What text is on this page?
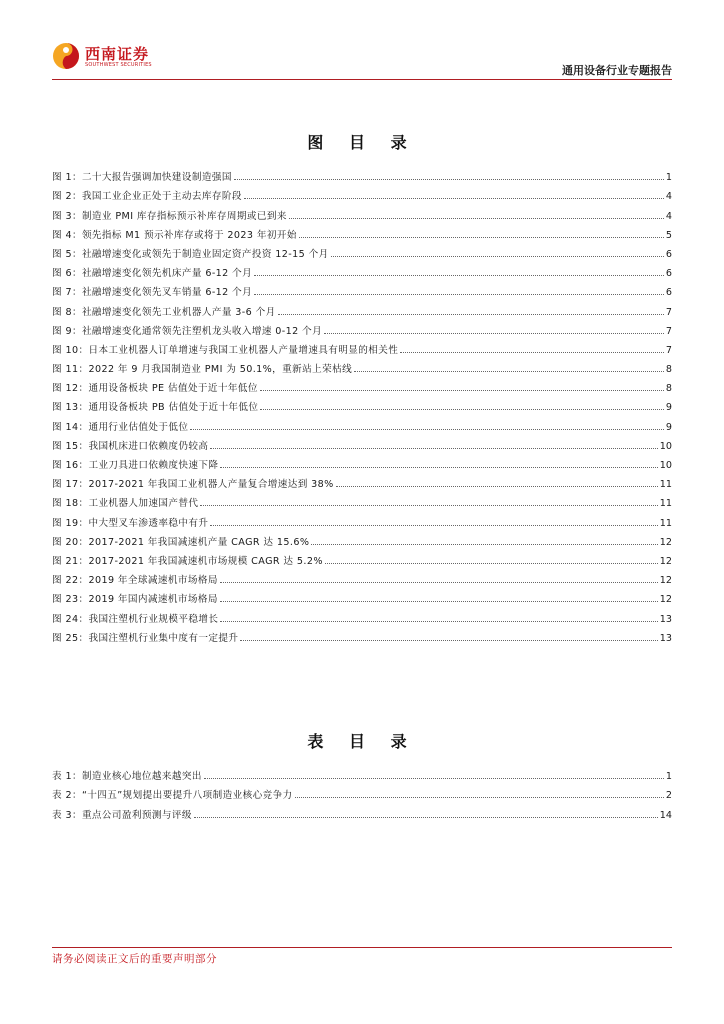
西南证券
SOUTHWEST SECURITIES	通用设备行业专题报告
图 目 录
图 1：二十大报告强调加快建设制造强国	1
图 2：我国工业企业正处于主动去库存阶段	4
图 3：制造业 PMI 库存指标预示补库存周期或已到来	4
图 4：领先指标 M1 预示补库存或将于 2023 年初开始	5
图 5：社融增速变化或领先于制造业固定资产投资 12-15 个月	6
图 6：社融增速变化领先机床产量 6-12 个月	6
图 7：社融增速变化领先叉车销量 6-12 个月	6
图 8：社融增速变化领先工业机器人产量 3-6 个月	7
图 9：社融增速变化通常领先注塑机龙头收入增速 0-12 个月	7
图 10：日本工业机器人订单增速与我国工业机器人产量增速具有明显的相关性	7
图 11：2022 年 9 月我国制造业 PMI 为 50.1%，重新站上荣枯线	8
图 12：通用设备板块 PE 估值处于近十年低位	8
图 13：通用设备板块 PB 估值处于近十年低位	9
图 14：通用行业估值处于低位	9
图 15：我国机床进口依赖度仍较高	10
图 16：工业刀具进口依赖度快速下降	10
图 17：2017-2021 年我国工业机器人产量复合增速达到 38%	11
图 18：工业机器人加速国产替代	11
图 19：中大型叉车渗透率稳中有升	11
图 20：2017-2021 年我国减速机产量 CAGR 达 15.6%	12
图 21：2017-2021 年我国减速机市场规模 CAGR 达 5.2%	12
图 22：2019 年全球减速机市场格局	12
图 23：2019 年国内减速机市场格局	12
图 24：我国注塑机行业规模平稳增长	13
图 25：我国注塑机行业集中度有一定提升	13
表 目 录
表 1：制造业核心地位越来越突出	1
表 2：“十四五”规划提出要提升八项制造业核心竞争力	2
表 3：重点公司盈利预测与评级	14
请务必阅读正文后的重要声明部分
